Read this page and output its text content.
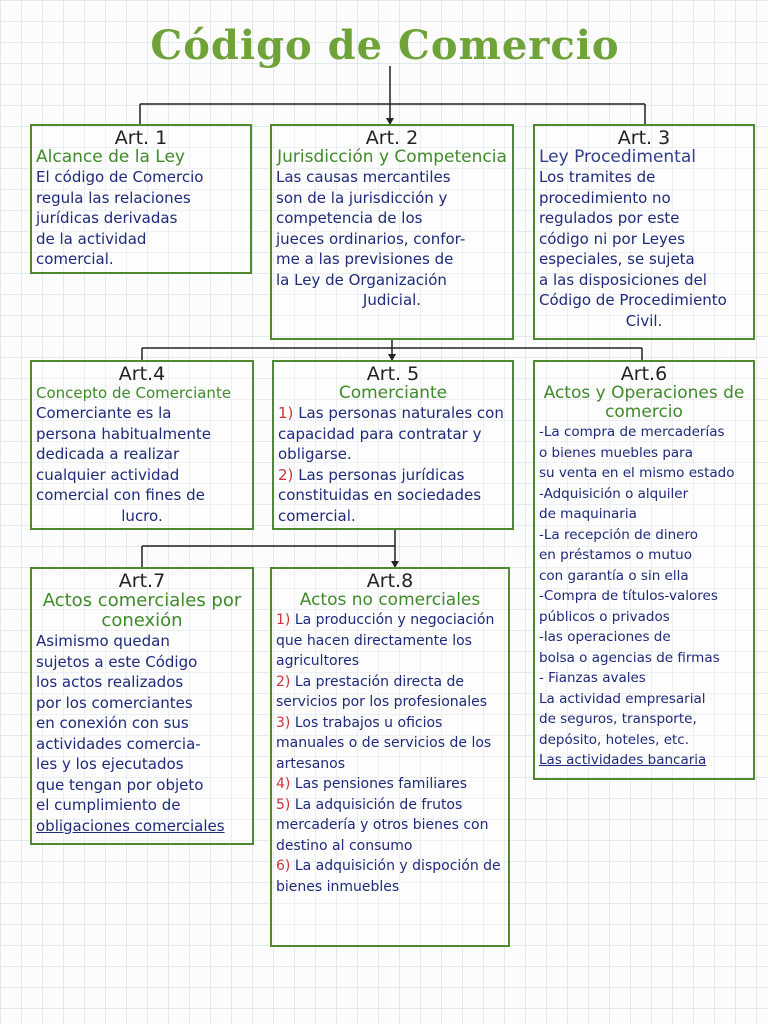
Código de Comercio
Art. 1
Alcance de la Ley
El código de Comercio
regula las relaciones
jurídicas derivadas
de la actividad
comercial.
Art. 2
Jurisdicción y Competencia
Las causas mercantiles
son de la jurisdicción y
competencia de los
jueces ordinarios, confor-
me a las previsiones de
la Ley de Organización
Judicial.
Art. 3
Ley Procedimental
Los tramites de
procedimiento no
regulados por este
código ni por Leyes
especiales, se sujeta
a las disposiciones del
Código de Procedimiento
Civil.
Art.4
Concepto de Comerciante
Comerciante es la
persona habitualmente
dedicada a realizar
cualquier actividad
comercial con fines de
lucro.
Art. 5
Comerciante
1) Las personas naturales con capacidad para contratar y obligarse.
2) Las personas jurídicas constituidas en sociedades comercial.
Art.6
Actos y Operaciones de comercio
-La compra de mercaderías
o bienes muebles para
su venta en el mismo estado
-Adquisición o alquiler
de maquinaria
-La recepción de dinero
en préstamos o mutuo
con garantía o sin ella
-Compra de títulos-valores
públicos o privados
-las operaciones de
bolsa o agencias de firmas
- Fianzas avales
La actividad empresarial
de seguros, transporte,
depósito, hoteles, etc.
Las actividades bancaria
Art.7
Actos comerciales por conexión
Asimismo quedan
sujetos a este Código
los actos realizados
por los comerciantes
en conexión con sus
actividades comercia-
les y los ejecutados
que tengan por objeto
el cumplimiento de
obligaciones comerciales
Art.8
Actos no comerciales
1) La producción y negociación que hacen directamente los agricultores
2) La prestación directa de servicios por los profesionales
3) Los trabajos u oficios manuales o de servicios de los artesanos
4) Las pensiones familiares
5) La adquisición de frutos mercadería y otros bienes con destino al consumo
6) La adquisición y dispoción de bienes inmuebles
